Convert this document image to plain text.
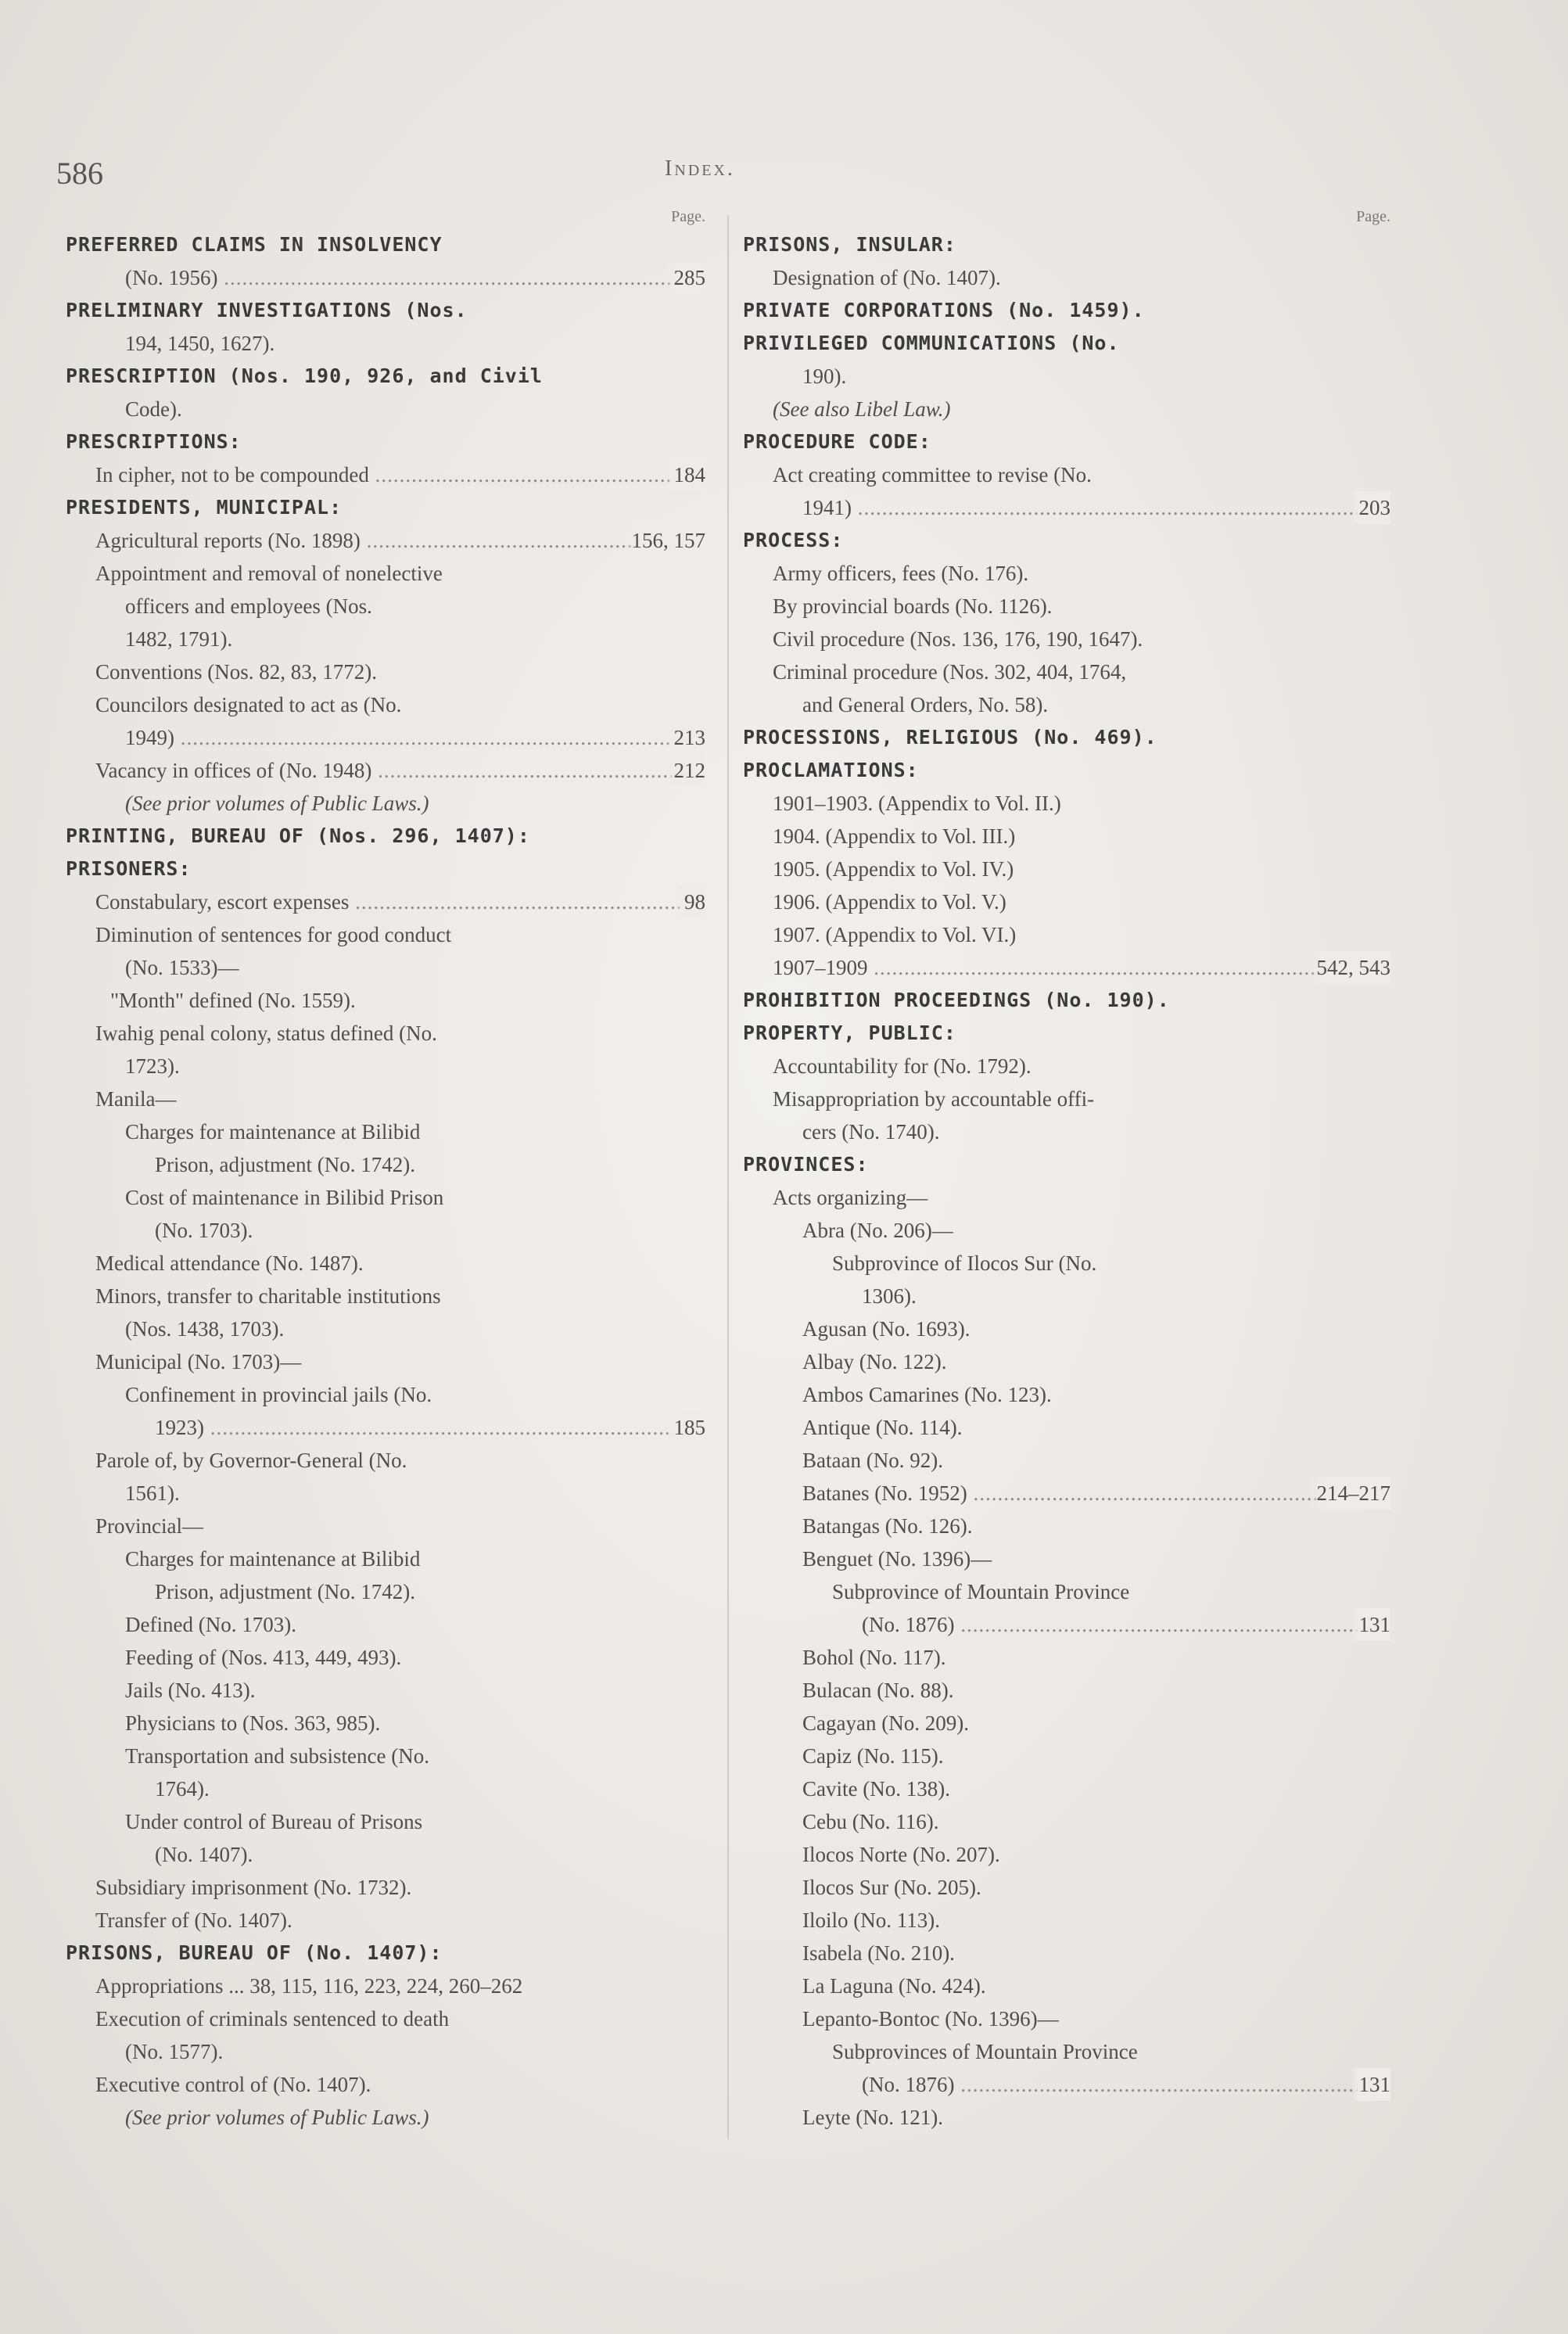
586	Index.
Page.
PREFERRED CLAIMS IN INSOLVENCY
(No. 1956) .....	285
PRELIMINARY INVESTIGATIONS (Nos.
194, 1450, 1627).
PRESCRIPTION (Nos. 190, 926, and Civil
Code).
PRESCRIPTIONS:
In cipher, not to be compounded .....	184
PRESIDENTS, MUNICIPAL:
Agricultural reports (No. 1898) .....	156, 157
Appointment and removal of nonelective
officers and employees (Nos.
1482, 1791).
Conventions (Nos. 82, 83, 1772).
Councilors designated to act as (No.
1949) .....	213
Vacancy in offices of (No. 1948) .....	212
(See prior volumes of Public Laws.)
PRINTING, BUREAU OF (Nos. 296, 1407):
PRISONERS:
Constabulary, escort expenses .....	98
Diminution of sentences for good conduct
(No. 1533)—
"Month" defined (No. 1559).
Iwahig penal colony, status defined (No.
1723).
Manila—
Charges for maintenance at Bilibid
Prison, adjustment (No. 1742).
Cost of maintenance in Bilibid Prison
(No. 1703).
Medical attendance (No. 1487).
Minors, transfer to charitable institutions
(Nos. 1438, 1703).
Municipal (No. 1703)—
Confinement in provincial jails (No.
1923) .....	185
Parole of, by Governor-General (No.
1561).
Provincial—
Charges for maintenance at Bilibid
Prison, adjustment (No. 1742).
Defined (No. 1703).
Feeding of (Nos. 413, 449, 493).
Jails (No. 413).
Physicians to (Nos. 363, 985).
Transportation and subsistence (No.
1764).
Under control of Bureau of Prisons
(No. 1407).
Subsidiary imprisonment (No. 1732).
Transfer of (No. 1407).
PRISONS, BUREAU OF (No. 1407):
Appropriations ... 38, 115, 116, 223, 224, 260–262
Execution of criminals sentenced to death
(No. 1577).
Executive control of (No. 1407).
(See prior volumes of Public Laws.)
Page.
PRISONS, INSULAR:
Designation of (No. 1407).
PRIVATE CORPORATIONS (No. 1459).
PRIVILEGED COMMUNICATIONS (No.
190).
(See also Libel Law.)
PROCEDURE CODE:
Act creating committee to revise (No.
1941) .....	203
PROCESS:
Army officers, fees (No. 176).
By provincial boards (No. 1126).
Civil procedure (Nos. 136, 176, 190, 1647).
Criminal procedure (Nos. 302, 404, 1764,
and General Orders, No. 58).
PROCESSIONS, RELIGIOUS (No. 469).
PROCLAMATIONS:
1901–1903. (Appendix to Vol. II.)
1904. (Appendix to Vol. III.)
1905. (Appendix to Vol. IV.)
1906. (Appendix to Vol. V.)
1907. (Appendix to Vol. VI.)
1907–1909 .....	542, 543
PROHIBITION PROCEEDINGS (No. 190).
PROPERTY, PUBLIC:
Accountability for (No. 1792).
Misappropriation by accountable offi-
cers (No. 1740).
PROVINCES:
Acts organizing—
Abra (No. 206)—
Subprovince of Ilocos Sur (No.
1306).
Agusan (No. 1693).
Albay (No. 122).
Ambos Camarines (No. 123).
Antique (No. 114).
Bataan (No. 92).
Batanes (No. 1952) .....	214–217
Batangas (No. 126).
Benguet (No. 1396)—
Subprovince of Mountain Province
(No. 1876) .....	131
Bohol (No. 117).
Bulacan (No. 88).
Cagayan (No. 209).
Capiz (No. 115).
Cavite (No. 138).
Cebu (No. 116).
Ilocos Norte (No. 207).
Ilocos Sur (No. 205).
Iloilo (No. 113).
Isabela (No. 210).
La Laguna (No. 424).
Lepanto-Bontoc (No. 1396)—
Subprovinces of Mountain Province
(No. 1876) .....	131
Leyte (No. 121).
